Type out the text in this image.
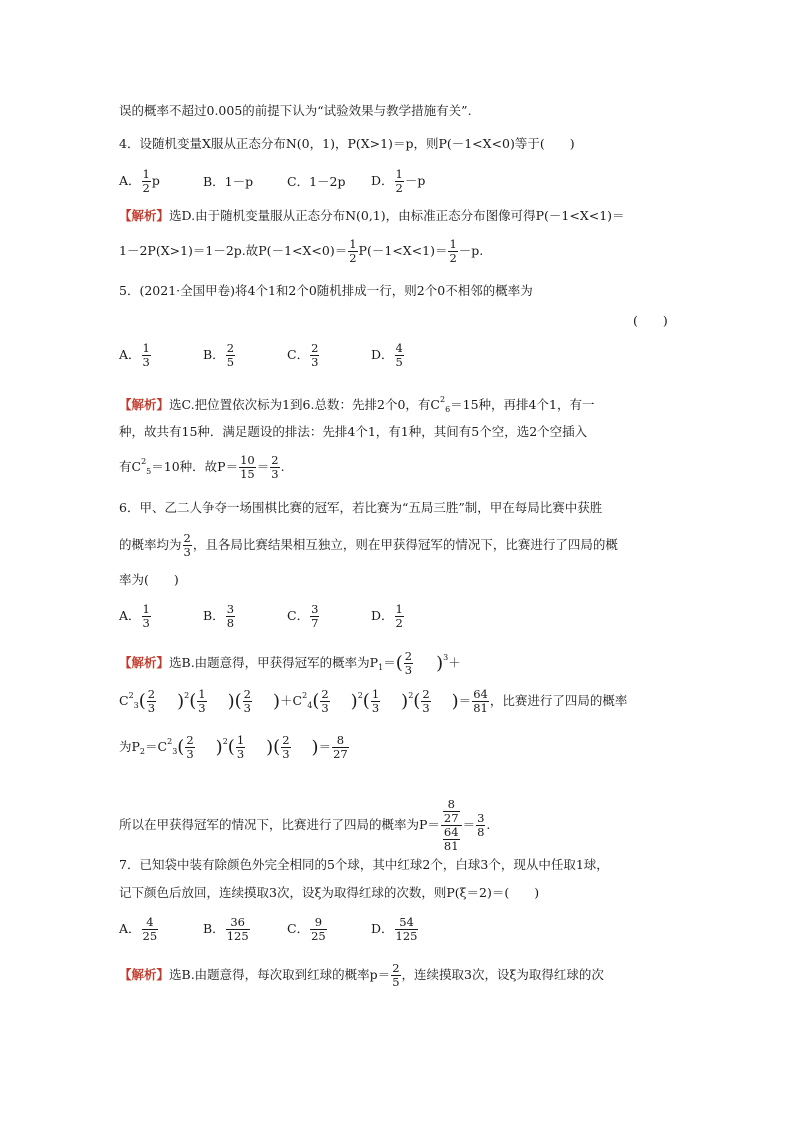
误的概率不超过0.005的前提下认为“试验效果与教学措施有关”.
4．设随机变量X服从正态分布N(0，1)，P(X>1)＝p，则P(－1<X<0)等于(　　)
A． $\frac{1}{2}$ p	B．1－p	C．1－2p D． $\frac{1}{2} -p$
【解析】选D.由于随机变量服从正态分布N(0,1)，由标准正态分布图像可得P(－1<X<1)＝
1－2P(X>1)＝1－2p.故$P(-1<X<0)= \frac{1}{2} P(-1<X<1)= \frac{1}{2} -p$.
5．(2021·全国甲卷)将4个1和2个0随机排成一行，则2个0不相邻的概率为
(　　)
A． $\frac{1}{3}$	B． $\frac{2}{5}$	C． $\frac{2}{3}$	D． $\frac{4}{5}$
【解析】选C.把位置依次标为1到6.总数：先排2个0，有$C^2_6=15$种，再排4个1，有一
种，故共有15种．满足题设的排法：先排4个1，有1种，其间有5个空，选2个空插入
有$C^2_5=10$种．故$P= \frac{10}{15} = \frac{2}{3}$ .
6．甲、乙二人争夺一场围棋比赛的冠军，若比赛为“五局三胜”制，甲在每局比赛中获胜
的概率均为 $\frac{2}{3}$ ，且各局比赛结果相互独立，则在甲获得冠军的情况下，比赛进行了四局的概
率为(　　)
A． $\frac{1}{3}$	B． $\frac{3}{8}$	C． $\frac{3}{7}$	D． $\frac{1}{2}$
【解析】选B.由题意得，甲获得冠军的概率为$P_1=( \frac{2}{3} )^3+$
$C^2_3( \frac{2}{3} )^2( \frac{1}{3}$ )( $\frac{2}{3} )+C^2_4( \frac{2}{3} )^2( \frac{1}{3} )^2( \frac{2}{3}$ )＝ $\frac{64}{81}$ ，比赛进行了四局的概率
为$P_2=C^2_3( \frac{2}{3} )^2( \frac{1}{3}$ )( $\frac{2}{3}$ )＝ $\frac{8}{27}$
所以在甲获得冠军的情况下，比赛进行了四局的概率为$P= \frac{\frac{8}{27}}{\frac{64}{81}} = \frac{3}{8}$ .
7．已知袋中装有除颜色外完全相同的5个球，其中红球2个，白球3个，现从中任取1球，
记下颜色后放回，连续摸取3次，设ξ为取得红球的次数，则P(ξ＝2)＝(　　)
A． $\frac{4}{25}$	B． $\frac{36}{125}$	C． $\frac{9}{25}$	D． $\frac{54}{125}$
【解析】选B.由题意得，每次取到红球的概率$p= \frac{2}{5}$ ，连续摸取3次，设ξ为取得红球的次
